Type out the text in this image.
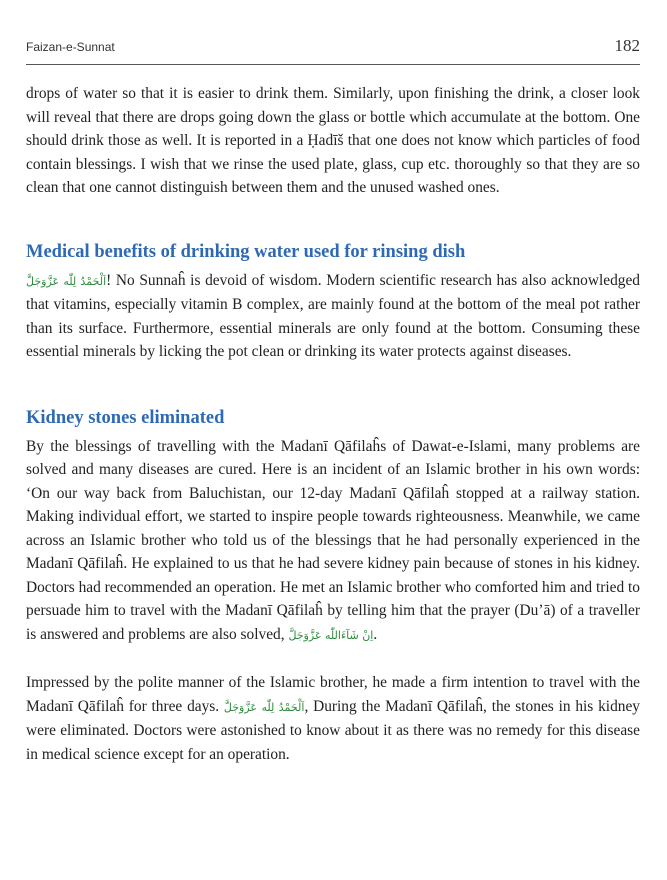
Faizan-e-Sunnat	182

drops of water so that it is easier to drink them. Similarly, upon finishing the drink, a closer look will reveal that there are drops going down the glass or bottle which accumulate at the bottom. One should drink those as well. It is reported in a Ḥadīš that one does not know which particles of food contain blessings. I wish that we rinse the used plate, glass, cup etc. thoroughly so that they are so clean that one cannot distinguish between them and the unused washed ones.

Medical benefits of drinking water used for rinsing dish

اَلْحَمْدُ لِلّٰه عَزَّوَجَلَّ! No Sunnaĥ is devoid of wisdom. Modern scientific research has also acknowledged that vitamins, especially vitamin B complex, are mainly found at the bottom of the meal pot rather than its surface. Furthermore, essential minerals are only found at the bottom. Consuming these essential minerals by licking the pot clean or drinking its water protects against diseases.

Kidney stones eliminated

By the blessings of travelling with the Madanī Qāfilaĥs of Dawat-e-Islami, many problems are solved and many diseases are cured. Here is an incident of an Islamic brother in his own words: ‘On our way back from Baluchistan, our 12-day Madanī Qāfilaĥ stopped at a railway station. Making individual effort, we started to inspire people towards righteousness. Meanwhile, we came across an Islamic brother who told us of the blessings that he had personally experienced in the Madanī Qāfilaĥ. He explained to us that he had severe kidney pain because of stones in his kidney. Doctors had recommended an operation. He met an Islamic brother who comforted him and tried to persuade him to travel with the Madanī Qāfilaĥ by telling him that the prayer (Du’ā) of a traveller is answered and problems are also solved, اِنْ شَآءَاللّٰه عَزَّوَجَلَّ.

Impressed by the polite manner of the Islamic brother, he made a firm intention to travel with the Madanī Qāfilaĥ for three days. اَلْحَمْدُ لِلّٰه عَزَّوَجَلَّ, During the Madanī Qāfilaĥ, the stones in his kidney were eliminated. Doctors were astonished to know about it as there was no remedy for this disease in medical science except for an operation.
